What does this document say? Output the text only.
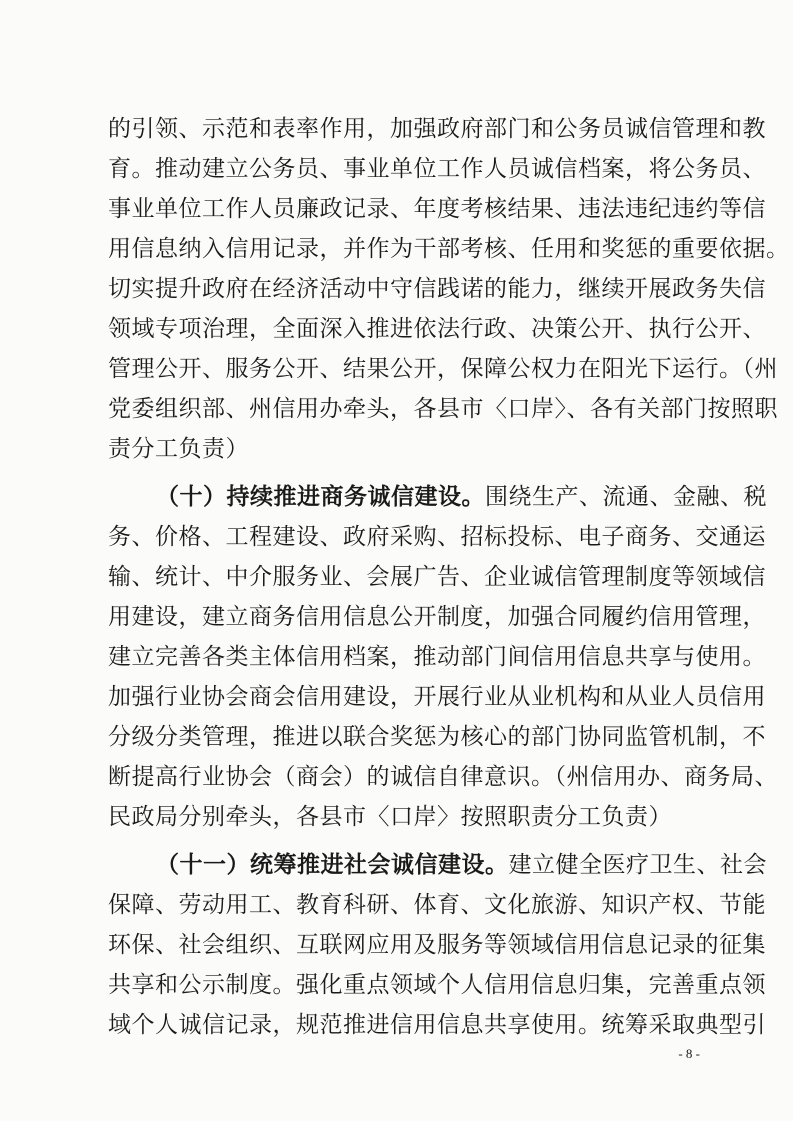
的引领、示范和表率作用，加强政府部门和公务员诚信管理和教
育。推动建立公务员、事业单位工作人员诚信档案，将公务员、
事业单位工作人员廉政记录、年度考核结果、违法违纪违约等信
用信息纳入信用记录，并作为干部考核、任用和奖惩的重要依据。
切实提升政府在经济活动中守信践诺的能力，继续开展政务失信
领域专项治理，全面深入推进依法行政、决策公开、执行公开、
管理公开、服务公开、结果公开，保障公权力在阳光下运行。（州
党委组织部、州信用办牵头，各县市〈口岸〉、各有关部门按照职
责分工负责）
（十）持续推进商务诚信建设。围绕生产、流通、金融、税
务、价格、工程建设、政府采购、招标投标、电子商务、交通运
输、统计、中介服务业、会展广告、企业诚信管理制度等领域信
用建设，建立商务信用信息公开制度，加强合同履约信用管理，
建立完善各类主体信用档案，推动部门间信用信息共享与使用。
加强行业协会商会信用建设，开展行业从业机构和从业人员信用
分级分类管理，推进以联合奖惩为核心的部门协同监管机制，不
断提高行业协会（商会）的诚信自律意识。（州信用办、商务局、
民政局分别牵头，各县市〈口岸〉按照职责分工负责）
（十一）统筹推进社会诚信建设。建立健全医疗卫生、社会
保障、劳动用工、教育科研、体育、文化旅游、知识产权、节能
环保、社会组织、互联网应用及服务等领域信用信息记录的征集
共享和公示制度。强化重点领域个人信用信息归集，完善重点领
域个人诚信记录，规范推进信用信息共享使用。统筹采取典型引
- 8 -
